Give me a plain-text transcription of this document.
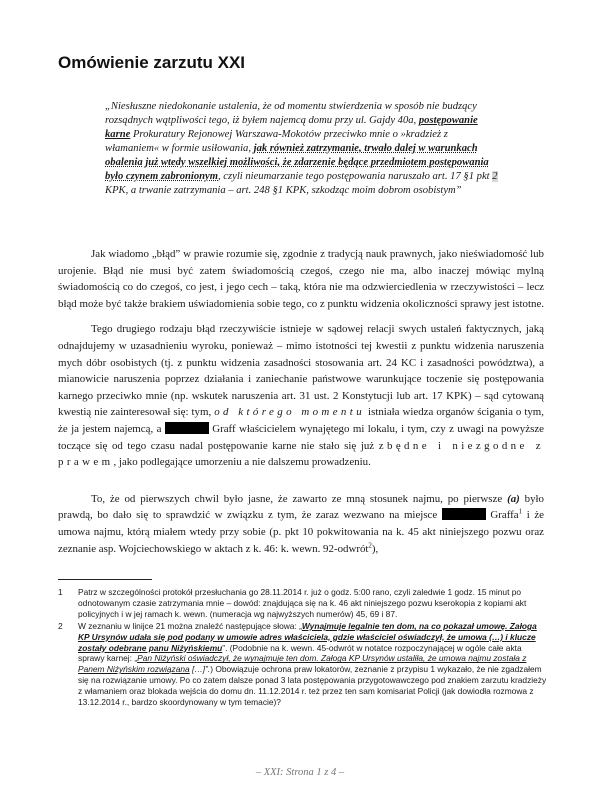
Omówienie zarzutu XXI
„Niesłuszne niedokonanie ustalenia, że od momentu stwierdzenia w sposób nie budzący rozsądnych wątpliwości tego, iż byłem najemcą domu przy ul. Gajdy 40a, postępowanie karne Prokuratury Rejonowej Warszawa-Mokotów przeciwko mnie o »kradzież z włamaniem« w formie usiłowania, jak również zatrzymanie, trwało dalej w warunkach obalenia już wtedy wszelkiej możliwości, że zdarzenie będące przedmiotem postępowania było czynem zabronionym, czyli nieumarzanie tego postępowania naruszało art. 17 §1 pkt 2 KPK, a trwanie zatrzymania – art. 248 §1 KPK, szkodząc moim dobrom osobistym”

Jak wiadomo „błąd” w prawie rozumie się, zgodnie z tradycją nauk prawnych, jako nieświadomość lub urojenie. Błąd nie musi być zatem świadomością czegoś, czego nie ma, albo inaczej mówiąc mylną świadomością co do czegoś, co jest, i jego cech – taką, która nie ma odzwierciedlenia w rzeczywistości – lecz błąd może być także brakiem uświadomienia sobie tego, co z punktu widzenia okoliczności sprawy jest istotne.

Tego drugiego rodzaju błąd rzeczywiście istnieje w sądowej relacji swych ustaleń faktycznych, jaką odnajdujemy w uzasadnieniu wyroku, ponieważ – mimo istotności tej kwestii z punktu widzenia naruszenia mych dóbr osobistych (tj. z punktu widzenia zasadności stosowania art. 24 KC i zasadności powództwa), a mianowicie naruszenia poprzez działania i zaniechanie państwowe warunkujące toczenie się postępowania karnego przeciwko mnie (np. wskutek naruszenia art. 31 ust. 2 Konstytucji lub art. 17 KPK) – sąd cytowaną kwestią nie zainteresował się: tym, od którego momentu istniała wiedza organów ścigania o tym, że ja jestem najemcą, a	Graff właścicielem wynajętego mi lokalu, i tym, czy z uwagi na powyższe toczące się od tego czasu nadal postępowanie karne nie stało się już zbędne i niezgodne z prawem, jako podlegające umorzeniu a nie dalszemu prowadzeniu.

To, że od pierwszych chwil było jasne, że zawarto ze mną stosunek najmu, po pierwsze (a) było prawdą, bo dało się to sprawdzić w związku z tym, że zaraz wezwano na miejsce	Graffa$^1$ i że umowa najmu, którą miałem wtedy przy sobie (p. pkt 10 pokwitowania na k. 45 akt niniejszego pozwu oraz zeznanie asp. Wojciechowskiego w aktach z k. 46: k. wewn. 92-odwrót$^2$),

1 Patrz w szczególności protokół przesłuchania go 28.11.2014 r. już o godz. 5:00 rano, czyli zaledwie 1 godz. 15 minut po odnotowanym czasie zatrzymania mnie – dowód: znajdująca się na k. 46 akt niniejszego pozwu kserokopia z kopiami akt policyjnych i w jej ramach k. wewn. (numeracja wg najwyższych numerów) 45, 69 i 87.
2 W zeznaniu w linijce 21 można znaleźć następujące słowa: „Wynajmuje legalnie ten dom, na co pokazał umowę. Załoga KP Ursynów udała się pod podany w umowie adres właściciela, gdzie właściciel oświadczył, że umowa (…) i klucze zostały odebrane panu Niżyńskiemu”. (Podobnie na k. wewn. 45-odwrót w notatce rozpoczynającej w ogóle całe akta sprawy karnej: „Pan Niżyński oświadczył, że wynajmuje ten dom. Załoga KP Ursynów ustaliła, że umowa najmu została z Panem Niżyńskim rozwiązana […]”.) Obowiązuje ochrona praw lokatorów, zeznanie z przypisu 1 wykazało, że nie zgadzałem się na rozwiązanie umowy. Po co zatem dalsze ponad 3 lata postępowania przygotowawczego pod znakiem zarzutu kradzieży z włamaniem oraz blokada wejścia do domu dn. 11.12.2014 r. też przez ten sam komisariat Policji (jak dowiodła rozmowa z 13.12.2014 r., bardzo skoordynowany w tym temacie)?
– XXI: Strona 1 z 4 –
